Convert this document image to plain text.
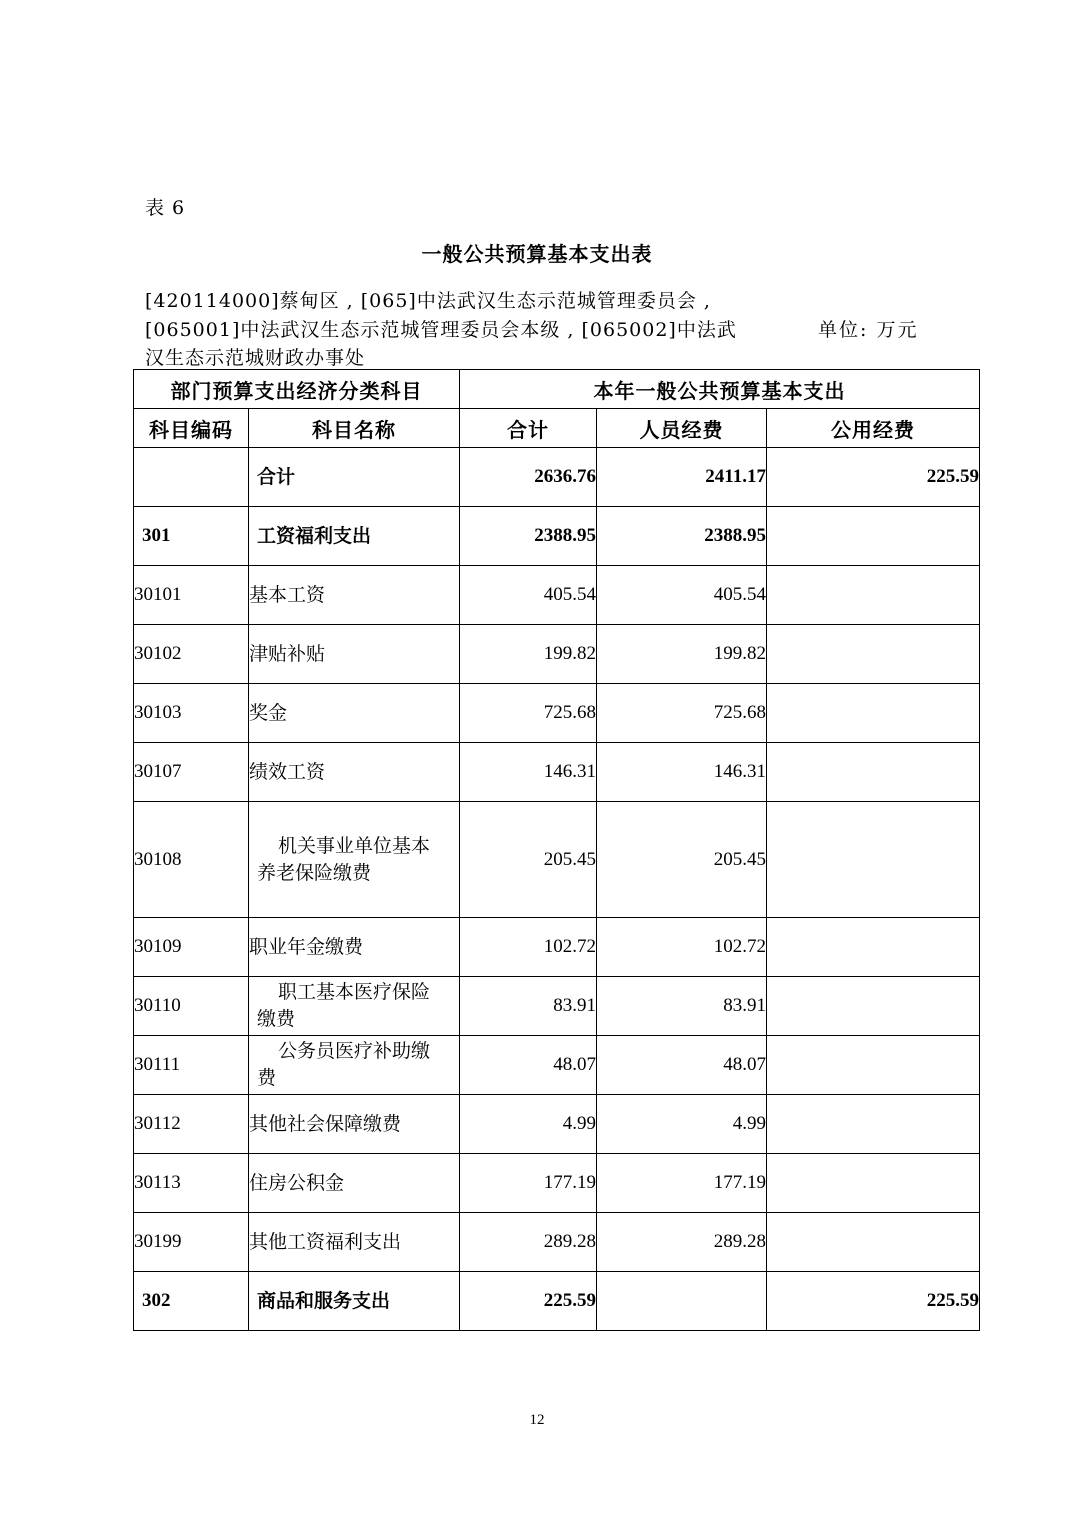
表 6
一般公共预算基本支出表
[420114000]蔡甸区 , [065]中法武汉生态示范城管理委员会 ,
[065001]中法武汉生态示范城管理委员会本级 , [065002]中法武
汉生态示范城财政办事处
单位: 万元
部门预算支出经济分类科目		本年一般公共预算基本支出		
科目编码	科目名称	合计	人员经费	公用经费
	合计	2636.76	2411.17	225.59
301	工资福利支出	2388.95	2388.95	
30101	基本工资	405.54	405.54	
30102	津贴补贴	199.82	199.82	
30103	奖金	725.68	725.68	
30107	绩效工资	146.31	146.31	
30108	机关事业单位基本养老保险缴费	205.45	205.45	
30109	职业年金缴费	102.72	102.72	
30110	职工基本医疗保险缴费	83.91	83.91	
30111	公务员医疗补助缴费	48.07	48.07	
30112	其他社会保障缴费	4.99	4.99	
30113	住房公积金	177.19	177.19	
30199	其他工资福利支出	289.28	289.28	
302	商品和服务支出	225.59		225.59
12
